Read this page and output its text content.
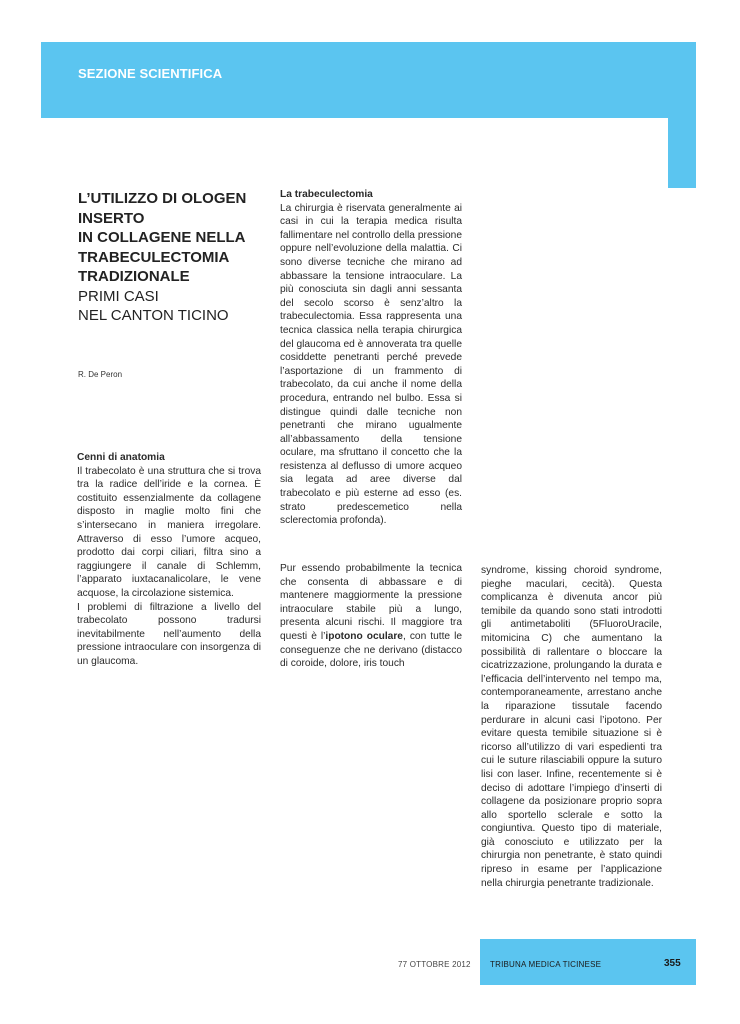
SEZIONE SCIENTIFICA
L’UTILIZZO DI OLOGEN
INSERTO
IN COLLAGENE NELLA
TRABECULECTOMIA
TRADIZIONALE
PRIMI CASI
NEL CANTON TICINO
R. De Peron

Cenni di anatomia

Il trabecolato è una struttura che si trova tra la radice dell’iride e la cornea. È costituito essenzialmente da collagene disposto in maglie molto fini che s’intersecano in maniera irregolare. Attraverso di esso l’umore acqueo, prodotto dai corpi ciliari, filtra sino a raggiungere il canale di Schlemm, l’apparato iuxtacanalicolare, le vene acquose, la circolazione sistemica.

I problemi di filtrazione a livello del trabecolato possono tradursi inevitabilmente nell’aumento della pressione intraoculare con insorgenza di un glaucoma.

La trabeculectomia

La chirurgia è riservata generalmente ai casi in cui la terapia medica risulta fallimentare nel controllo della pressione oppure nell’evoluzione della malattia. Ci sono diverse tecniche che mirano ad abbassare la tensione intraoculare. La più conosciuta sin dagli anni sessanta del secolo scorso è senz’altro la trabeculectomia. Essa rappresenta una tecnica classica nella terapia chirurgica del glaucoma ed è annoverata tra quelle cosiddette penetranti perché prevede l’asportazione di un frammento di trabecolato, da cui anche il nome della procedura, entrando nel bulbo. Essa si distingue quindi dalle tecniche non penetranti che mirano ugualmente all’abbassamento della tensione oculare, ma sfruttano il concetto che la resistenza al deflusso di umore acqueo sia legata ad aree diverse dal trabecolato e più esterne ad esso (es. strato predescemetico nella sclerectomia profonda).

Pur essendo probabilmente la tecnica che consenta di abbassare e di mantenere maggiormente la pressione intraoculare stabile più a lungo, presenta alcuni rischi. Il maggiore tra questi è l’ipotono oculare, con tutte le conseguenze che ne derivano (distacco di coroide, dolore, iris touch

syndrome, kissing choroid syndrome, pieghe maculari, cecità). Questa complicanza è divenuta ancor più temibile da quando sono stati introdotti gli antimetaboliti (5FluoroUracile, mitomicina C) che aumentano la possibilità di rallentare o bloccare la cicatrizzazione, prolungando la durata e l’efficacia dell’intervento nel tempo ma, contemporaneamente, arrestano anche la riparazione tissutale facendo perdurare in alcuni casi l’ipotono. Per evitare questa temibile situazione si è ricorso all’utilizzo di vari espedienti tra cui le suture rilasciabili oppure la suturo lisi con laser. Infine, recentemente si è deciso di adottare l’impiego d’inserti di collagene da posizionare proprio sopra allo sportello sclerale e sotto la congiuntiva. Questo tipo di materiale, già conosciuto e utilizzato per la chirurgia non penetrante, è stato quindi ripreso in esame per l’applicazione nella chirurgia penetrante tradizionale.

77 OTTOBRE 2012 TRIBUNA MEDICA TICINESE	355
